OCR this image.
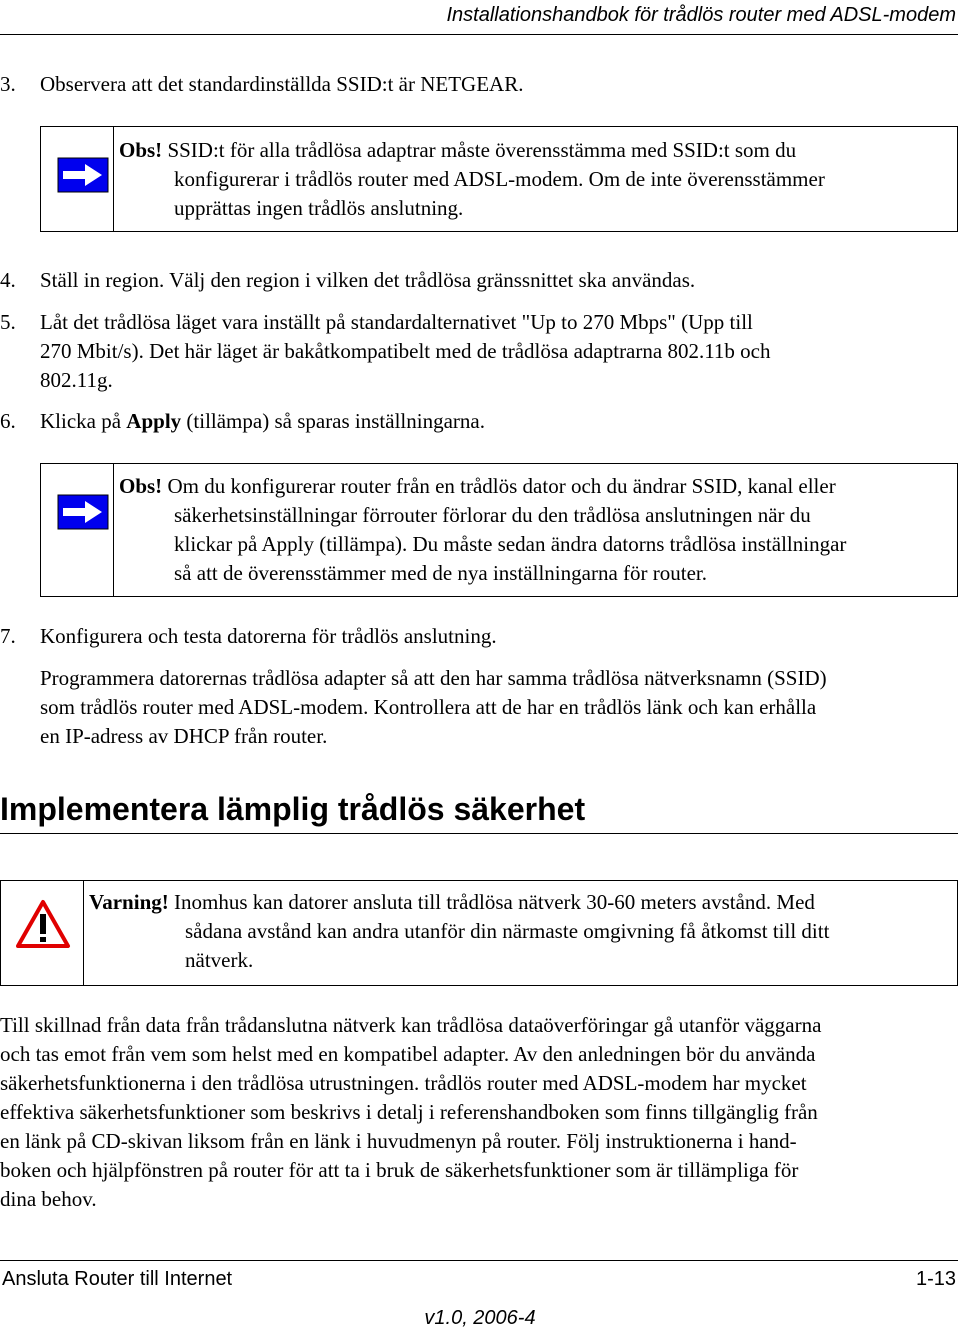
Installationshandbok för trådlös router med ADSL-modem
3. Observera att det standardinställda SSID:t är NETGEAR.
Obs! SSID:t för alla trådlösa adaptrar måste överensstämma med SSID:t som du
konfigurerar i trådlös router med ADSL-modem. Om de inte överensstämmer
upprättas ingen trådlös anslutning.
4. Ställ in region. Välj den region i vilken det trådlösa gränssnittet ska användas.
5. Låt det trådlösa läget vara inställt på standardalternativet "Up to 270 Mbps" (Upp till
270 Mbit/s). Det här läget är bakåtkompatibelt med de trådlösa adaptrarna 802.11b och
802.11g.
6. Klicka på Apply (tillämpa) så sparas inställningarna.
Obs! Om du konfigurerar router från en trådlös dator och du ändrar SSID, kanal eller
säkerhetsinställningar förrouter förlorar du den trådlösa anslutningen när du
klickar på Apply (tillämpa). Du måste sedan ändra datorns trådlösa inställningar
så att de överensstämmer med de nya inställningarna för router.
7. Konfigurera och testa datorerna för trådlös anslutning.
Programmera datorernas trådlösa adapter så att den har samma trådlösa nätverksnamn (SSID)
som trådlös router med ADSL-modem. Kontrollera att de har en trådlös länk och kan erhålla
en IP-adress av DHCP från router.
Implementera lämplig trådlös säkerhet
Varning! Inomhus kan datorer ansluta till trådlösa nätverk 30-60 meters avstånd. Med
sådana avstånd kan andra utanför din närmaste omgivning få åtkomst till ditt
nätverk.
Till skillnad från data från trådanslutna nätverk kan trådlösa dataöverföringar gå utanför väggarna
och tas emot från vem som helst med en kompatibel adapter. Av den anledningen bör du använda
säkerhetsfunktionerna i den trådlösa utrustningen. trådlös router med ADSL-modem har mycket
effektiva säkerhetsfunktioner som beskrivs i detalj i referenshandboken som finns tillgänglig från
en länk på CD-skivan liksom från en länk i huvudmenyn på router. Följ instruktionerna i hand-
boken och hjälpfönstren på router för att ta i bruk de säkerhetsfunktioner som är tillämpliga för
dina behov.
Ansluta Router till Internet	1-13
v1.0, 2006-4
